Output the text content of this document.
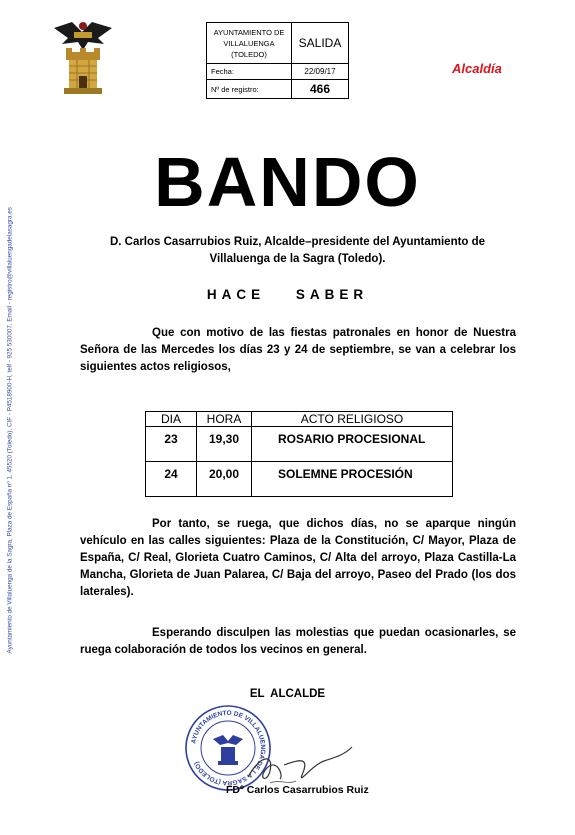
Ayuntamiento de Villaluenga de la Sagra, Plaza de España nº 1, 45520 (Toledo), CIF - P4518900-H, telf - 925 530007, Email - registro@villaluengadelasagra.es
AYUNTAMIENTO DE VILLALUENGA (TOLEDO)	SALIDA
Fecha:	22/09/17
Nº de registro:	466
Alcaldía
BANDO
D. Carlos Casarrubios Ruiz, Alcalde–presidente del Ayuntamiento de Villaluenga de la Sagra (Toledo).
HACE SABER
Que con motivo de las fiestas patronales en honor de Nuestra Señora de las Mercedes los días 23 y 24 de septiembre, se van a celebrar los siguientes actos religiosos,
DIA	HORA	ACTO RELIGIOSO
23	19,30	ROSARIO PROCESIONAL
24	20,00	SOLEMNE PROCESIÓN
Por tanto, se ruega, que dichos días, no se aparque ningún vehículo en las calles siguientes: Plaza de la Constitución, C/ Mayor, Plaza de España, C/ Real, Glorieta Cuatro Caminos, C/ Alta del arroyo, Plaza Castilla-La Mancha, Glorieta de Juan Palarea, C/ Baja del arroyo, Paseo del Prado (los dos laterales).
Esperando disculpen las molestias que puedan ocasionarles, se ruega colaboración de todos los vecinos en general.
EL ALCALDE
AYUNTAMIENTO DE VILLALUENGA DE LA SAGRA (TOLEDO)
FDº Carlos Casarrubios Ruiz
